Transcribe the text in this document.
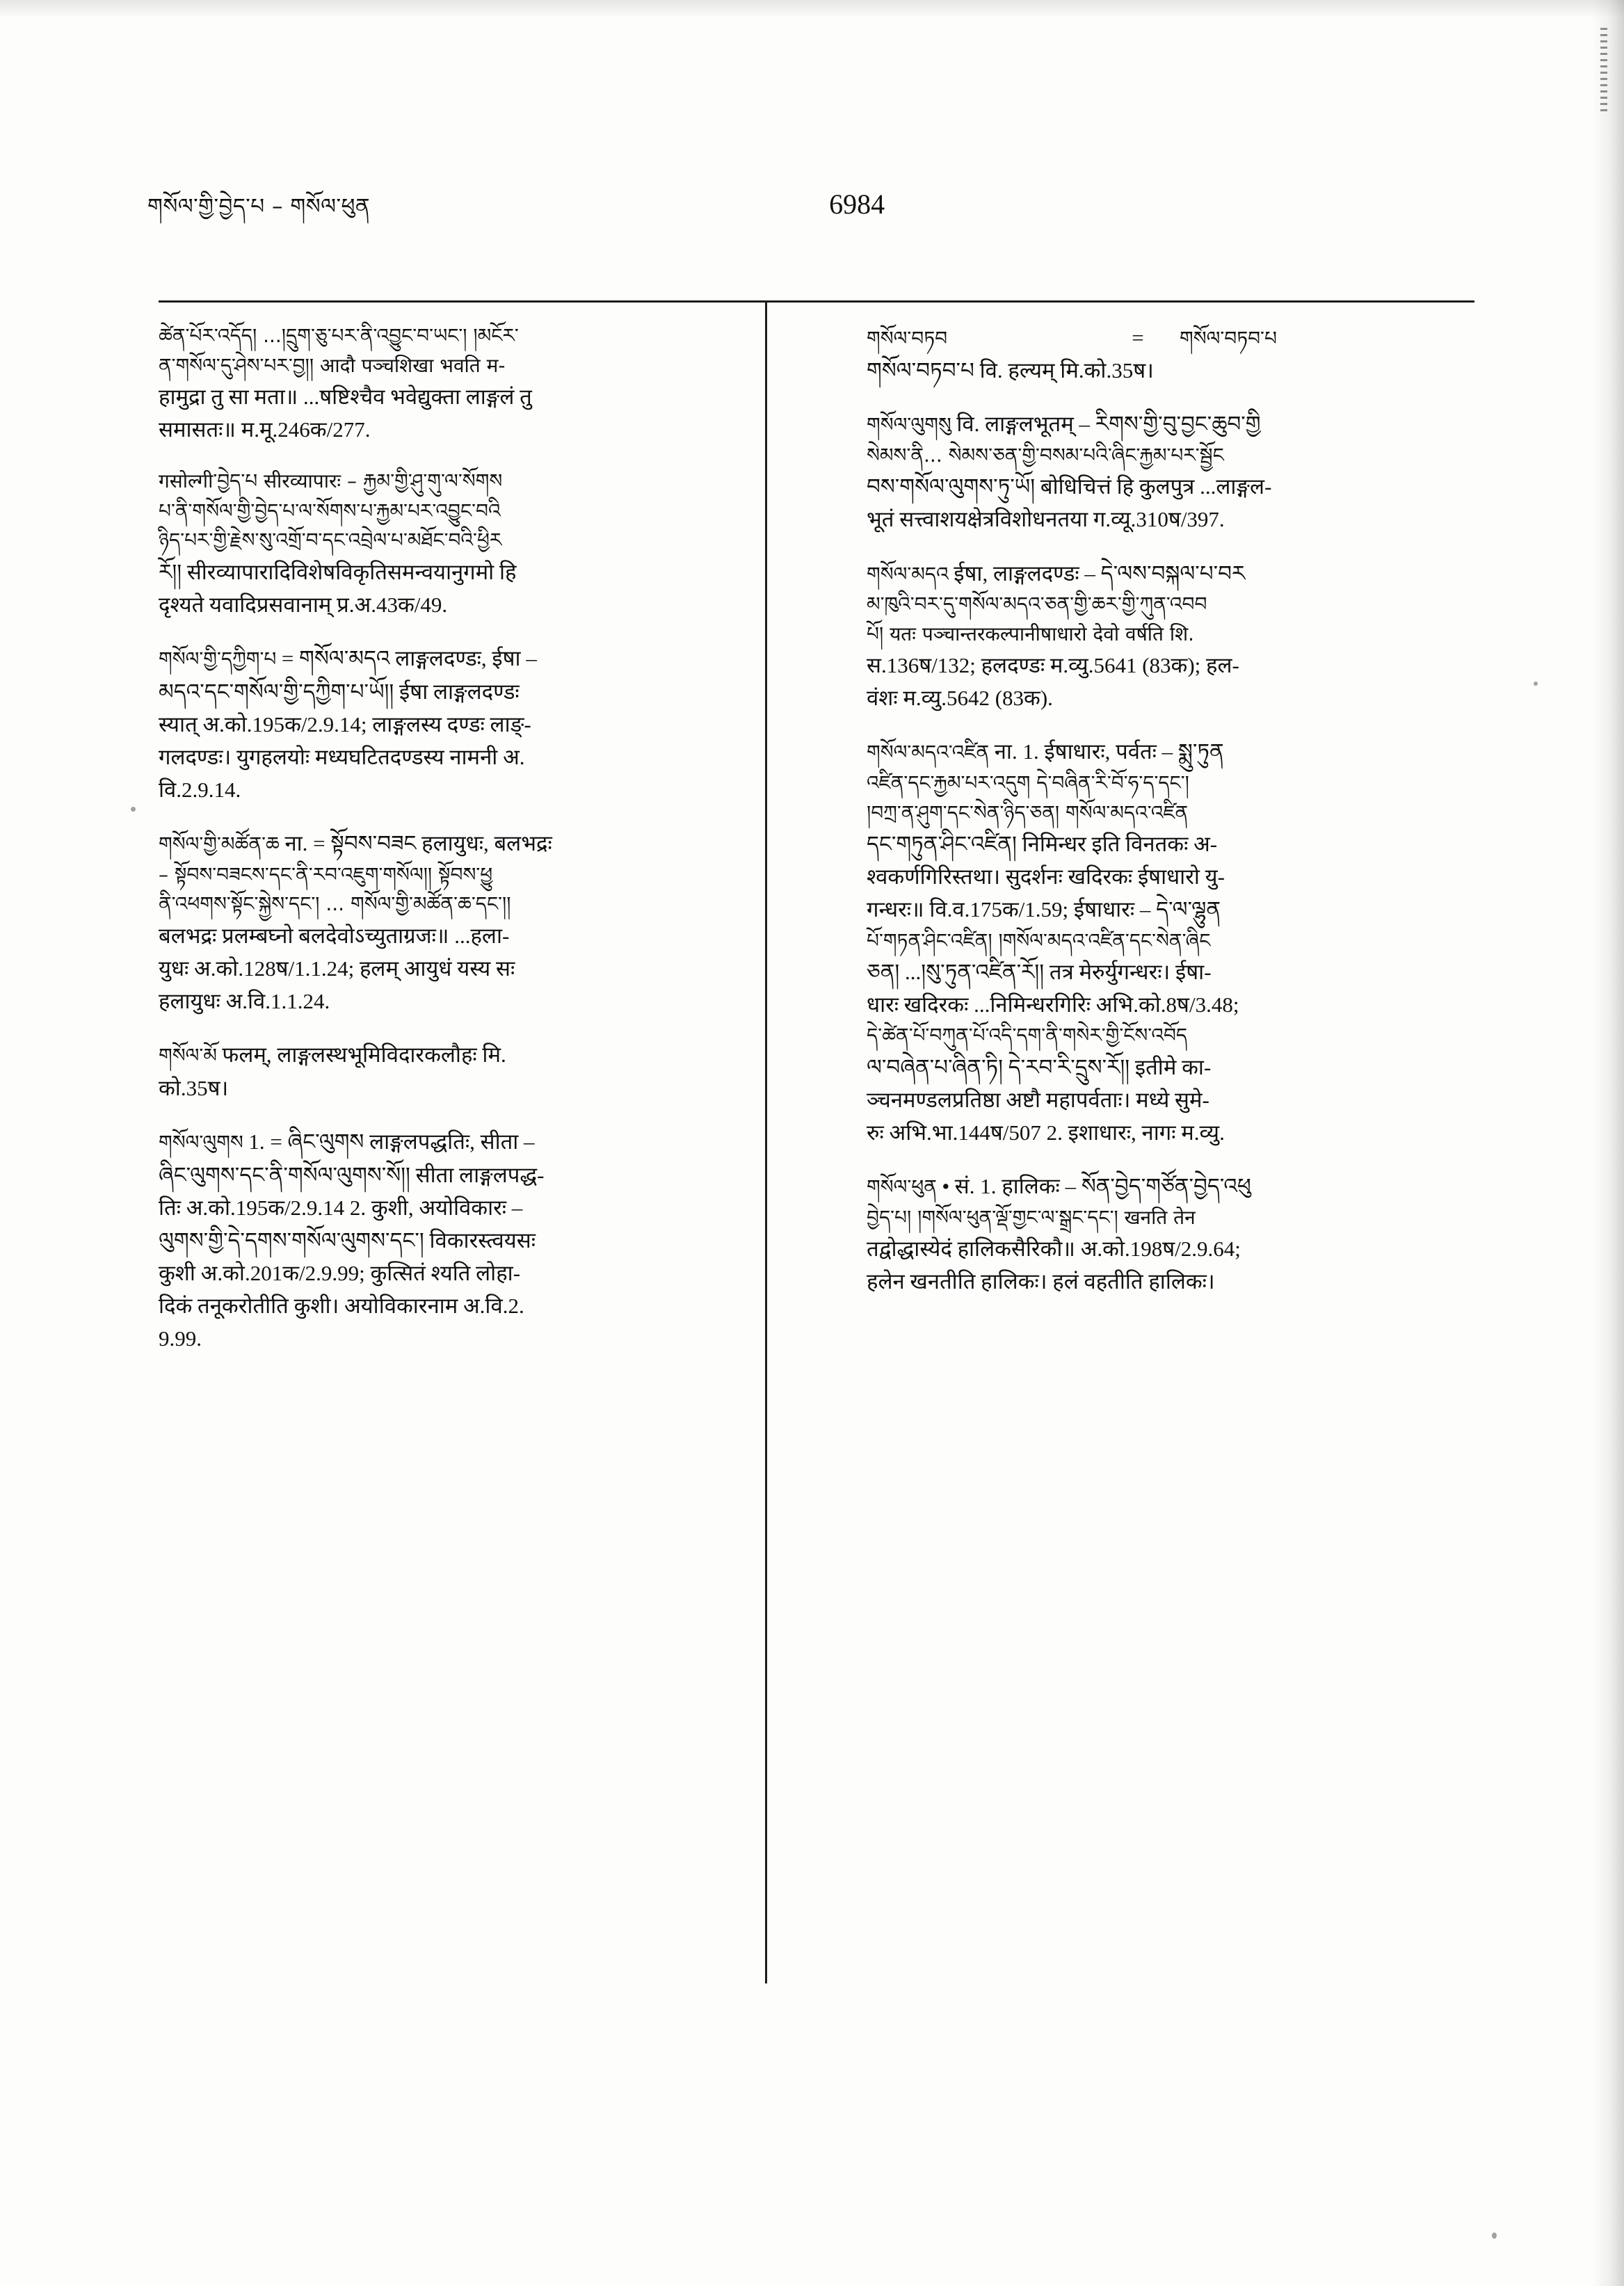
གསོལ་གྱི་བྱེད་པ – གསོལ་ཕུན	6984

ཚེན་པོར་འདོད། ...།དྲུག་ཅུ་པར་ནི་འབྱུང་བ་ཡང་། །མངོར་

ན་གསོལ་དུ་ཤེས་པར་བྱ།། आदौ पञ्चशिखा भवति म-

हामुद्रा तु सा मता॥ ...षष्टिश्चैव भवेद्युक्ता लाङ्गलं तु

समासतः॥ म.मू.246क/277.

गसोल्गी་བྱེད་པ सीरव्यापारः – རྐྱམ་གྱི་ཤུ་གུ་ལ་སོགས

པ་ནི་གསོལ་གྱི་བྱེད་པ་ལ་སོགས་པ་རྐྱམ་པར་འབྱུང་བའི

ཉིད་པར་གྱི་རྗེས་སུ་འགྲོ་བ་དང་འབྲེལ་པ་མཐོང་བའི་ཕྱིར

རོ།། सीरव्यापारादिविशेषविकृतिसमन्वयानुगमो हि

दृश्यते यवादिप्रसवानाम् प्र.अ.43क/49.

གསོལ་གྱི་དཀྱིག་པ = གསོལ་མདའ लाङ्गलदण्डः, ईषा –

མདའ་དང་གསོལ་གྱི་དཀྱིག་པ་ཡོ།། ईषा लाङ्गलदण्डः

स्यात् अ.को.195क/2.9.14; लाङ्गलस्य दण्डः लाङ्-

गलदण्डः। युगहलयोः मध्यघटितदण्डस्य नामनी अ.

वि.2.9.14.

གསོལ་གྱི་མཚོན་ཆ ना. = སྟོབས་བཟང हलायुधः, बलभद्रः

– སྟོབས་བཟངས་དང་ནི་རབ་འཇུག་གསོལ།། སྟོབས་ཕྱུ

ནི་འཕགས་སྟོང་སྐྱེས་དང་། ... གསོལ་གྱི་མཚོན་ཆ་དང་།།

बलभद्रः प्रलम्बघ्नो बलदेवोऽच्युताग्रजः॥ ...हला-

युधः अ.को.128ष/1.1.24; हलम् आयुधं यस्य सः

हलायुधः अ.वि.1.1.24.

གསོལ་མོ फलम्, लाङ्गलस्थभूमिविदारकलौहः मि.

को.35ष।

གསོལ་ལུགས 1. = ཞིང་ལུགས लाङ्गलपद्धतिः, सीता –

ཞིང་ལུགས་དང་ནི་གསོལ་ལུགས་སོ།། सीता लाङ्गलपद्ध-

तिः अ.को.195क/2.9.14 2. कुशी, अयोविकारः –

ལུགས་གྱི་དེ་དགས་གསོལ་ལུགས་དང་། विकारस्त्वयसः

कुशी अ.को.201क/2.9.99; कुत्सितं श्यति लोहा-

दिकं तनूकरोतीति कुशी। अयोविकारनाम अ.वि.2.

9.99.

གསོལ་བཏབ	=	གསོལ་བཏབ་པ

གསོལ་བཏབ་པ वि. हल्यम् मि.को.35ष।

གསོལ་ལུགསུ वि. लाङ्गलभूतम् – རིགས་གྱི་བུ་བྱང་ཆུབ་གྱི

སེམས་ནི... སེམས་ཅན་གྱི་བསམ་པའི་ཞིང་རྐྱམ་པར་སྦྱོང

བས་གསོལ་ལུགས་ཏུ་ཡོ། बोधिचित्तं हि कुलपुत्र ...लाङ्गल-

भूतं सत्त्वाशयक्षेत्रविशोधनतया ग.व्यू.310ष/397.

གསོལ་མདའ ईषा, लाङ्गलदण्डः – དེ་ལས་བསྐལ་པ་བར

མ་ཁུའི་བར་དུ་གསོལ་མདའ་ཅན་གྱི་ཆར་གྱི་ཀུན་འབབ

པོ། यतः पञ्चान्तरकल्पानीषाधारो देवो वर्षति शि.

स.136ष/132; हलदण्डः म.व्यु.5641 (83क); हल-

वंशः म.व्यु.5642 (83क).

གསོལ་མདའ་འཛིན ना. 1. ईषाधारः, पर्वतः – སྨུ་ཏུན

འཛིན་དང་རྐྱམ་པར་འདུག དེ་བཞིན་རི་བོ་ཧ་ད་དང་།

།བཀྲ་ན་ཤུག་དང་སེན་ཉིད་ཅན། གསོལ་མདའ་འཛིན

དང་གཏུན་ཤིང་འཛིན། निमिन्धर इति विनतकः अ-

श्वकर्णगिरिस्तथा। सुदर्शनः खदिरकः ईषाधारो यु-

गन्धरः॥ वि.व.175क/1.59; ईषाधारः – དེ་ལ་ལྷུན

པོ་གཏན་ཤིང་འཛིན། །གསོལ་མདའ་འཛིན་དང་སེན་ཞིང

ཅན། ...།སུ་ཏུན་འཛིན་རོ།། तत्र मेरुर्युगन्धरः। ईषा-

धारः खदिरकः ...निमिन्धरगिरिः अभि.को.8ष/3.48;

དེ་ཚེན་པོ་བཀུན་པོ་འདི་དག་ནི་གསེར་གྱི་ངོས་འབོད

ལ་བཞེན་པ་ཞིན་ཏི། དེ་རབ་རི་དྲུས་རོ།། इतीमे का-

ञ्चनमण्डलप्रतिष्ठा अष्टौ महापर्वताः। मध्ये सुमे-

रुः अभि.भा.144ष/507 2. इशाधारः, नागः म.व्यु.

གསོལ་ཕུན • सं. 1. हालिकः – སོན་བྱེད་གཙོན་བྱེད་འཕུ

བྱེད་པ། །གསོལ་ཕུན་ལྡོ་གྱང་ལ་སྒྲང་དང་། खनति तेन

तद्वोद्धास्येदं हालिकसैरिकौ॥ अ.को.198ष/2.9.64;

हलेन खनतीति हालिकः। हलं वहतीति हालिकः।
